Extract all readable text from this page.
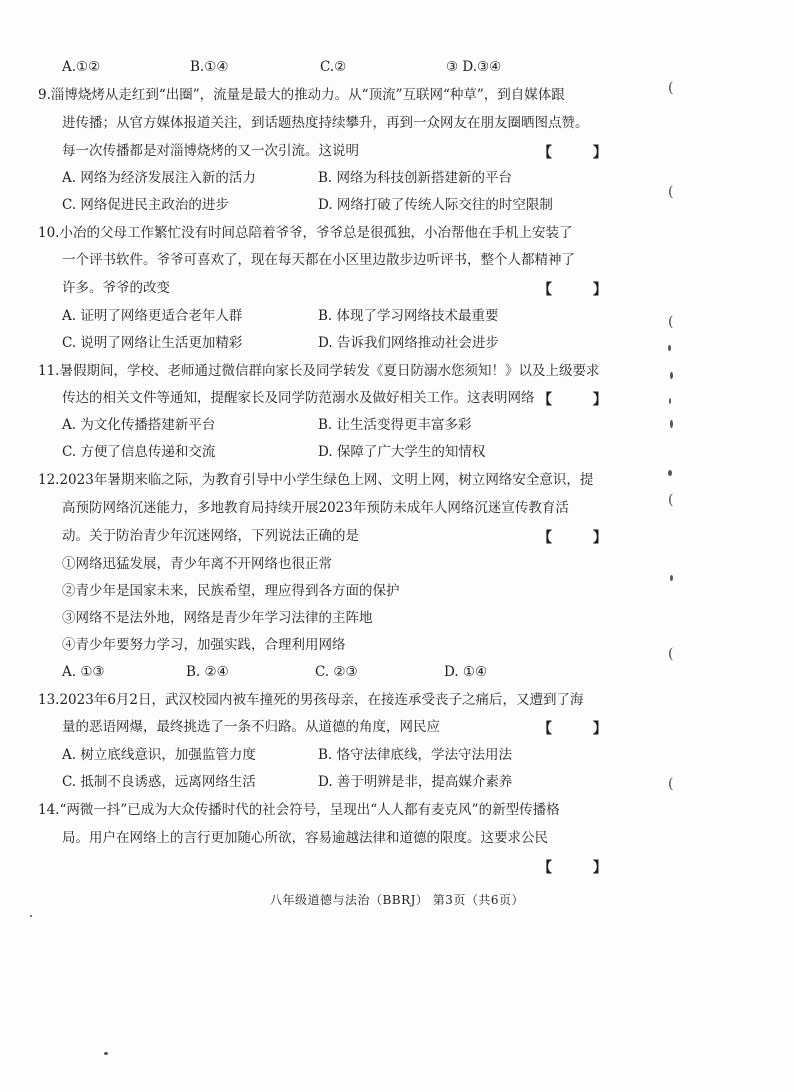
A.①②	B.①④	C.②	③ D.③④
9.淄博烧烤从走红到“出圈”，流量是最大的推动力。从“顶流”互联网“种草”，到自媒体跟
进传播；从官方媒体报道关注，到话题热度持续攀升，再到一众网友在朋友圈晒图点赞。
每一次传播都是对淄博烧烤的又一次引流。这说明	【 】
A. 网络为经济发展注入新的活力	B. 网络为科技创新搭建新的平台
C. 网络促进民主政治的进步	D. 网络打破了传统人际交往的时空限制
10.小冶的父母工作繁忙没有时间总陪着爷爷，爷爷总是很孤独，小冶帮他在手机上安装了
一个评书软件。爷爷可喜欢了，现在每天都在小区里边散步边听评书，整个人都精神了
许多。爷爷的改变	【 】
A. 证明了网络更适合老年人群	B. 体现了学习网络技术最重要
C. 说明了网络让生活更加精彩	D. 告诉我们网络推动社会进步
11.暑假期间，学校、老师通过微信群向家长及同学转发《夏日防溺水您须知！》以及上级要求
传达的相关文件等通知，提醒家长及同学防范溺水及做好相关工作。这表明网络 【 】
A. 为文化传播搭建新平台	B. 让生活变得更丰富多彩
C. 方便了信息传递和交流	D. 保障了广大学生的知情权
12.2023年暑期来临之际，为教育引导中小学生绿色上网、文明上网，树立网络安全意识，提
高预防网络沉迷能力，多地教育局持续开展2023年预防未成年人网络沉迷宣传教育活
动。关于防治青少年沉迷网络，下列说法正确的是	【 】
①网络迅猛发展，青少年离不开网络也很正常
②青少年是国家未来，民族希望，理应得到各方面的保护
③网络不是法外地，网络是青少年学习法律的主阵地
④青少年要努力学习，加强实践，合理利用网络
A. ①③	B. ②④	C. ②③	D. ①④
13.2023年6月2日，武汉校园内被车撞死的男孩母亲，在接连承受丧子之痛后，又遭到了海
量的恶语网爆，最终挑选了一条不归路。从道德的角度，网民应	【 】
A. 树立底线意识，加强监管力度	B. 恪守法律底线，学法守法用法
C. 抵制不良诱惑，远离网络生活	D. 善于明辨是非，提高媒介素养
14.“两微一抖”已成为大众传播时代的社会符号，呈现出“人人都有麦克风”的新型传播格
局。用户在网络上的言行更加随心所欲，容易逾越法律和道德的限度。这要求公民
【 】
八年级道德与法治（BBRJ） 第3页（共6页）
(
(
(
(
(
(
